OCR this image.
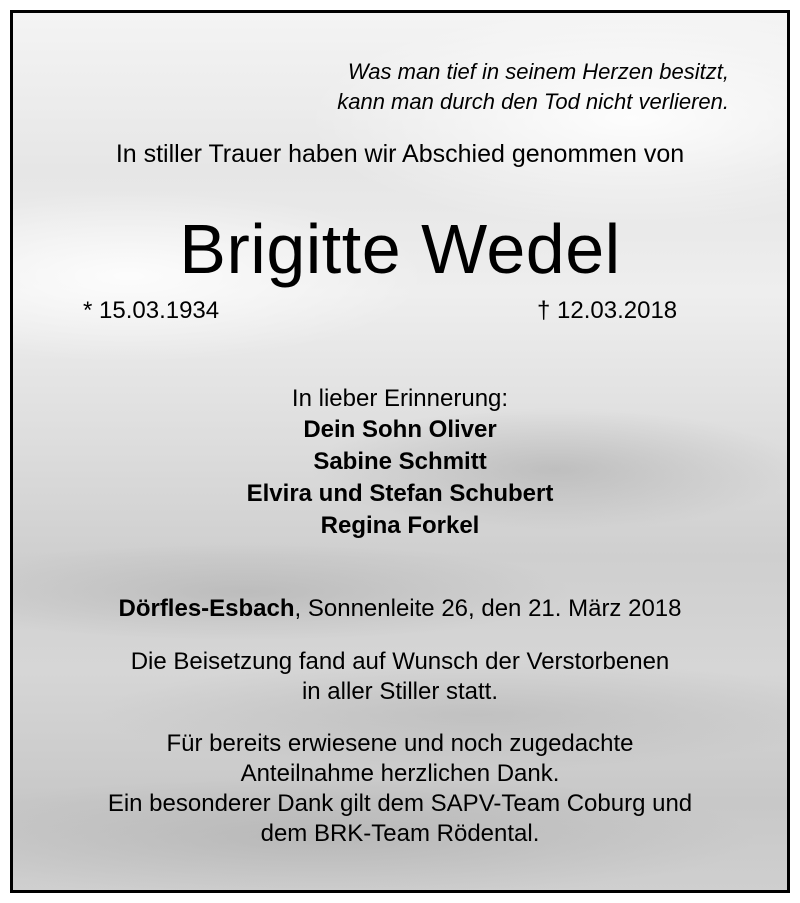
Was man tief in seinem Herzen besitzt,
kann man durch den Tod nicht verlieren.
In stiller Trauer haben wir Abschied genommen von
Brigitte Wedel
* 15.03.1934	† 12.03.2018
In lieber Erinnerung:
Dein Sohn Oliver
Sabine Schmitt
Elvira und Stefan Schubert
Regina Forkel
Dörfles-Esbach, Sonnenleite 26, den 21. März 2018
Die Beisetzung fand auf Wunsch der Verstorbenen
in aller Stiller statt.
Für bereits erwiesene und noch zugedachte
Anteilnahme herzlichen Dank.
Ein besonderer Dank gilt dem SAPV-Team Coburg und
dem BRK-Team Rödental.
